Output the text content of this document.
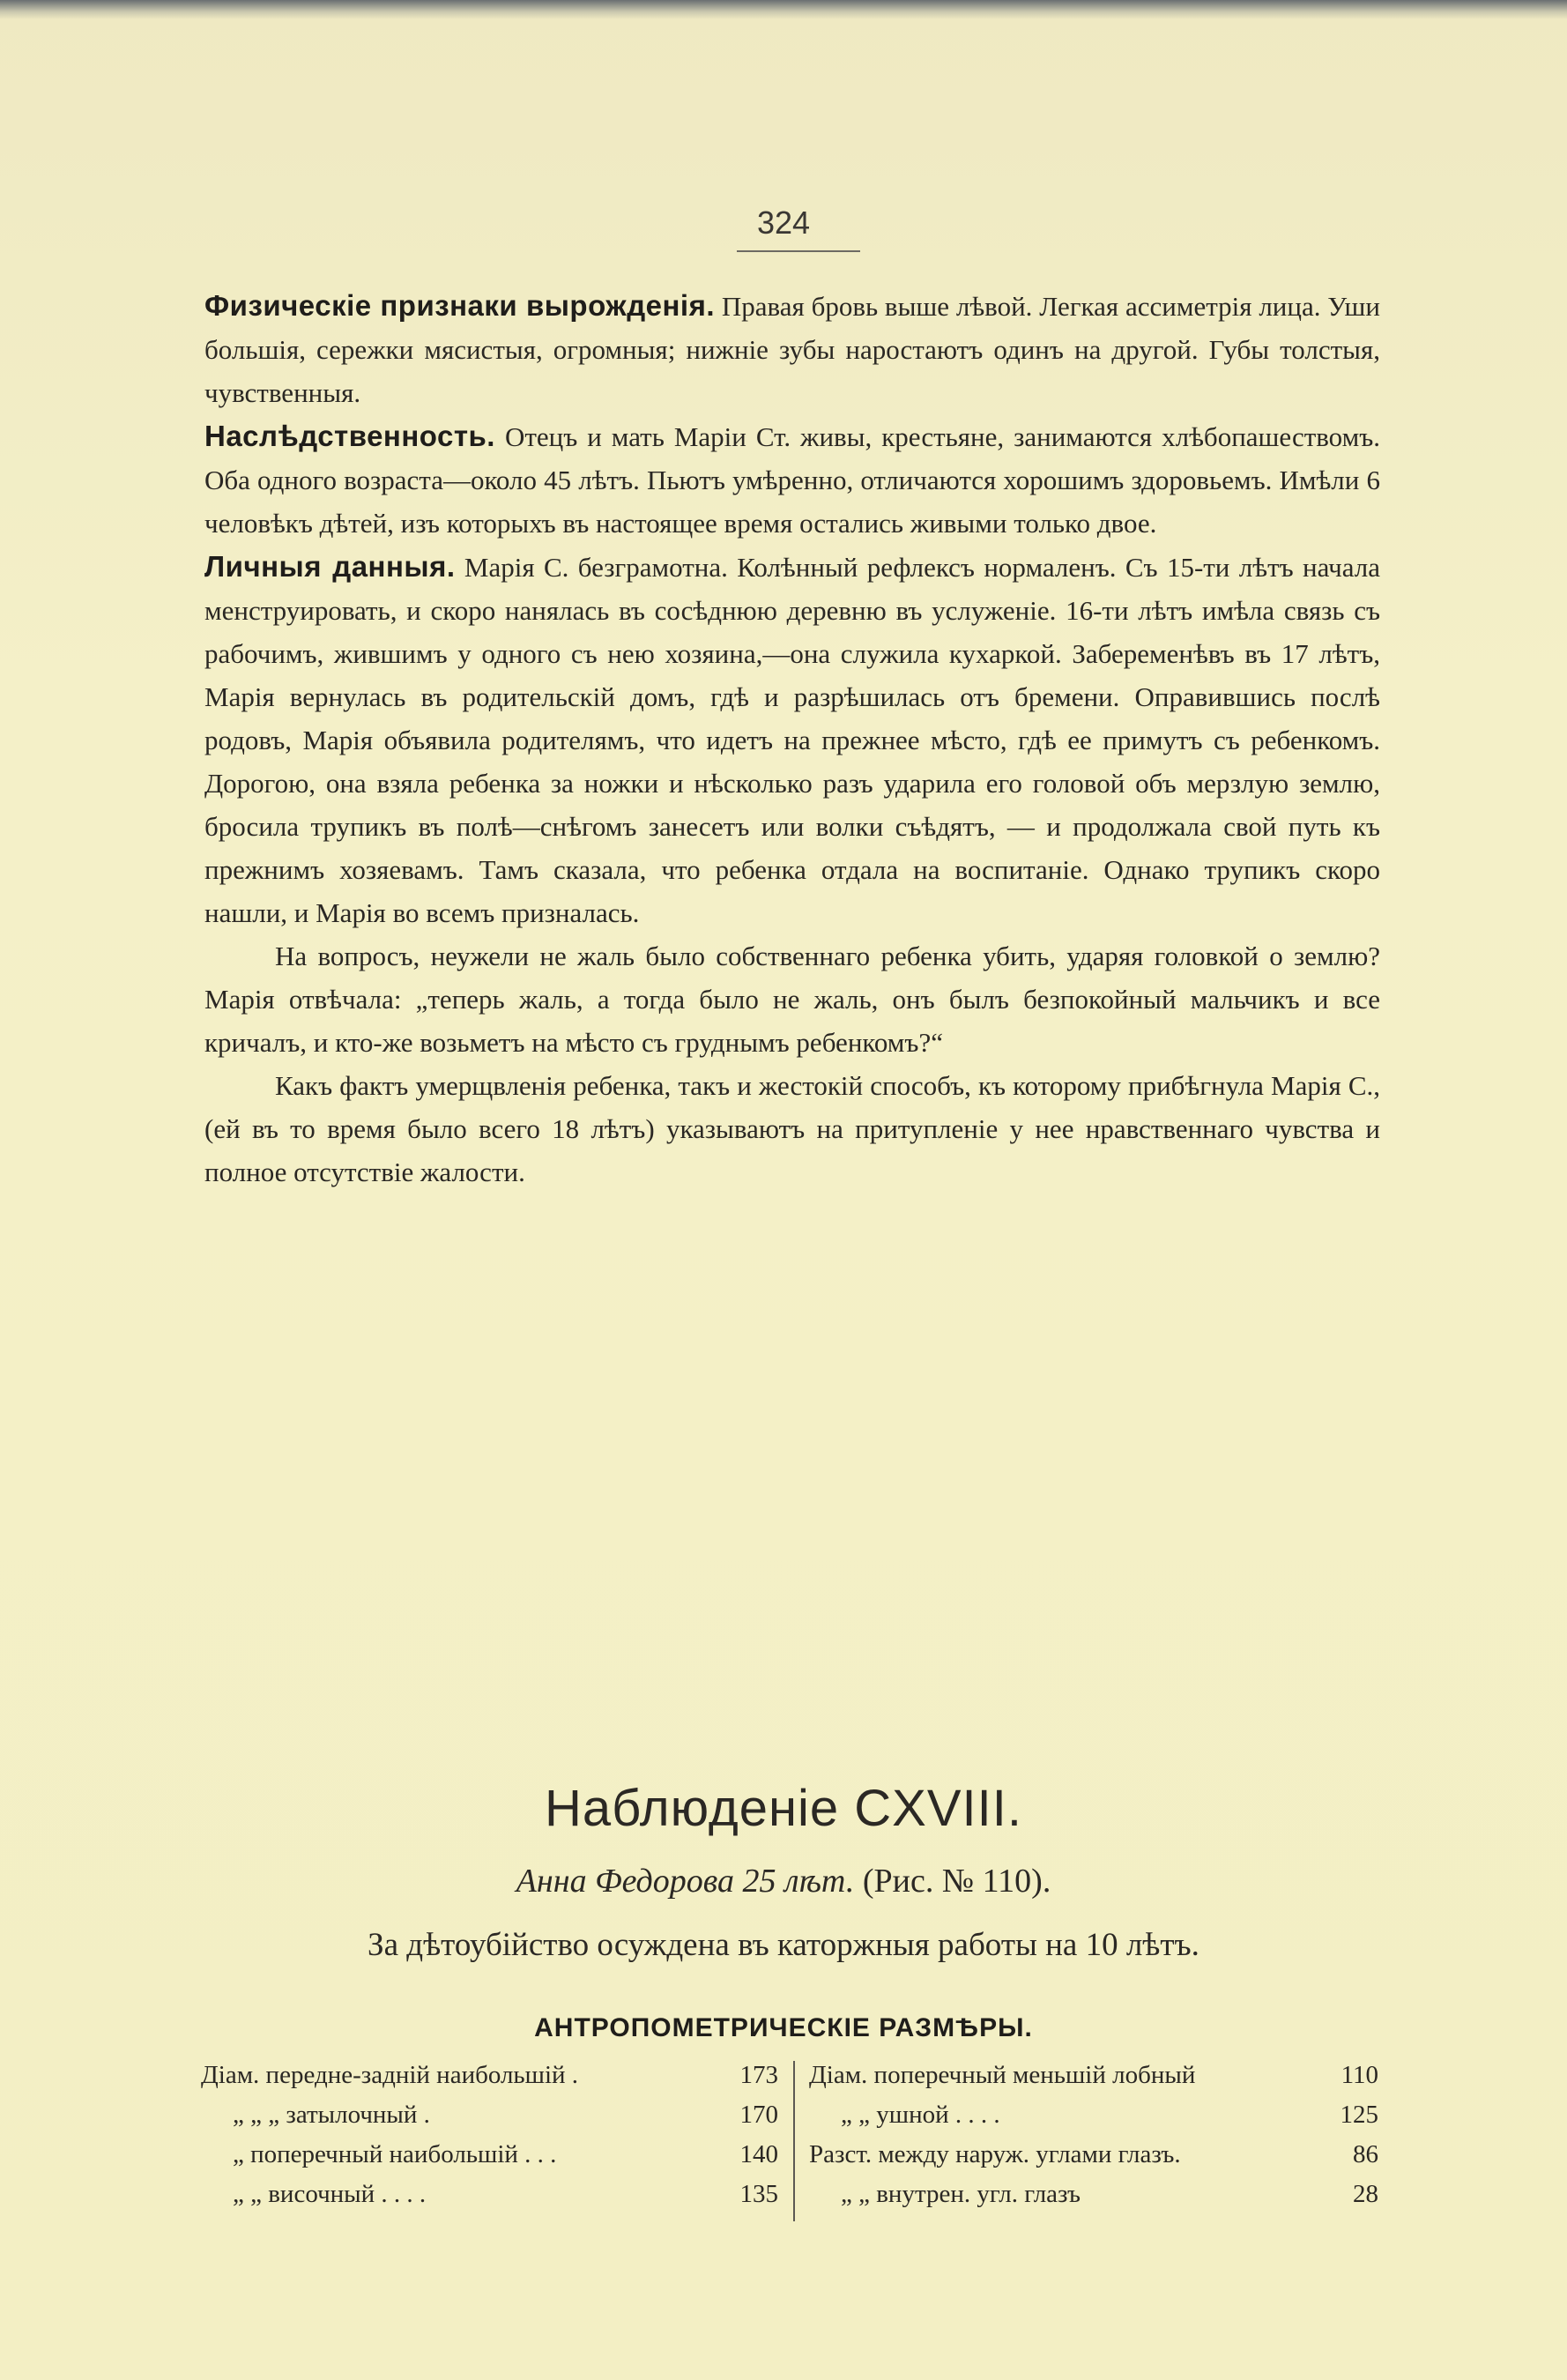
324

Физическіе признаки вырожденія. Правая бровь выше лѣвой. Легкая ассиметрія лица. Уши большія, сережки мясистыя, огромныя; нижніе зубы наростаютъ одинъ на другой. Губы толстыя, чувственныя.

Наслѣдственность. Отецъ и мать Маріи Ст. живы, крестьяне, занимаются хлѣбопашествомъ. Оба одного возраста—около 45 лѣтъ. Пьютъ умѣренно, отличаются хорошимъ здоровьемъ. Имѣли 6 человѣкъ дѣтей, изъ которыхъ въ настоящее время остались живыми только двое.

Личныя данныя. Марія С. безграмотна. Колѣнный рефлексъ нормаленъ. Съ 15-ти лѣтъ начала менструировать, и скоро нанялась въ сосѣднюю деревню въ услуженіе. 16-ти лѣтъ имѣла связь съ рабочимъ, жившимъ у одного съ нею хозяина,—она служила кухаркой. Забеременѣвъ въ 17 лѣтъ, Марія вернулась въ родительскій домъ, гдѣ и разрѣшилась отъ бремени. Оправившись послѣ родовъ, Марія объявила родителямъ, что идетъ на прежнее мѣсто, гдѣ ее примутъ съ ребенкомъ. Дорогою, она взяла ребенка за ножки и нѣсколько разъ ударила его головой объ мерзлую землю, бросила трупикъ въ полѣ—снѣгомъ занесетъ или волки съѣдятъ, — и продолжала свой путь къ прежнимъ хозяевамъ. Тамъ сказала, что ребенка отдала на воспитаніе. Однако трупикъ скоро нашли, и Марія во всемъ призналась.

На вопросъ, неужели не жаль было собственнаго ребенка убить, ударяя головкой о землю? Марія отвѣчала: „теперь жаль, а тогда было не жаль, онъ былъ безпокойный мальчикъ и все кричалъ, и кто-же возьметъ на мѣсто съ груднымъ ребенкомъ?“

Какъ фактъ умерщвленія ребенка, такъ и жестокій способъ, къ которому прибѣгнула Марія С., (ей въ то время было всего 18 лѣтъ) указываютъ на притупленіе у нее нравственнаго чувства и полное отсутствіе жалости.

Наблюденіе CXVIII.
Анна Федорова 25 лѣт. (Рис. № 110).
За дѣтоубійство осуждена въ каторжныя работы на 10 лѣтъ.
АНТРОПОМЕТРИЧЕСКІЕ РАЗМѢРЫ.
Діам. передне-задній наибольшій .	173
„ „ „ затылочный .	170
„ поперечный наибольшій . . .	140
„ „ височный . . . .	135
Діам. поперечный меньшій лобный	110
„ „ ушной . . . .	125
Разст. между наруж. углами глазъ.	86
„ „ внутрен. угл. глазъ	28
